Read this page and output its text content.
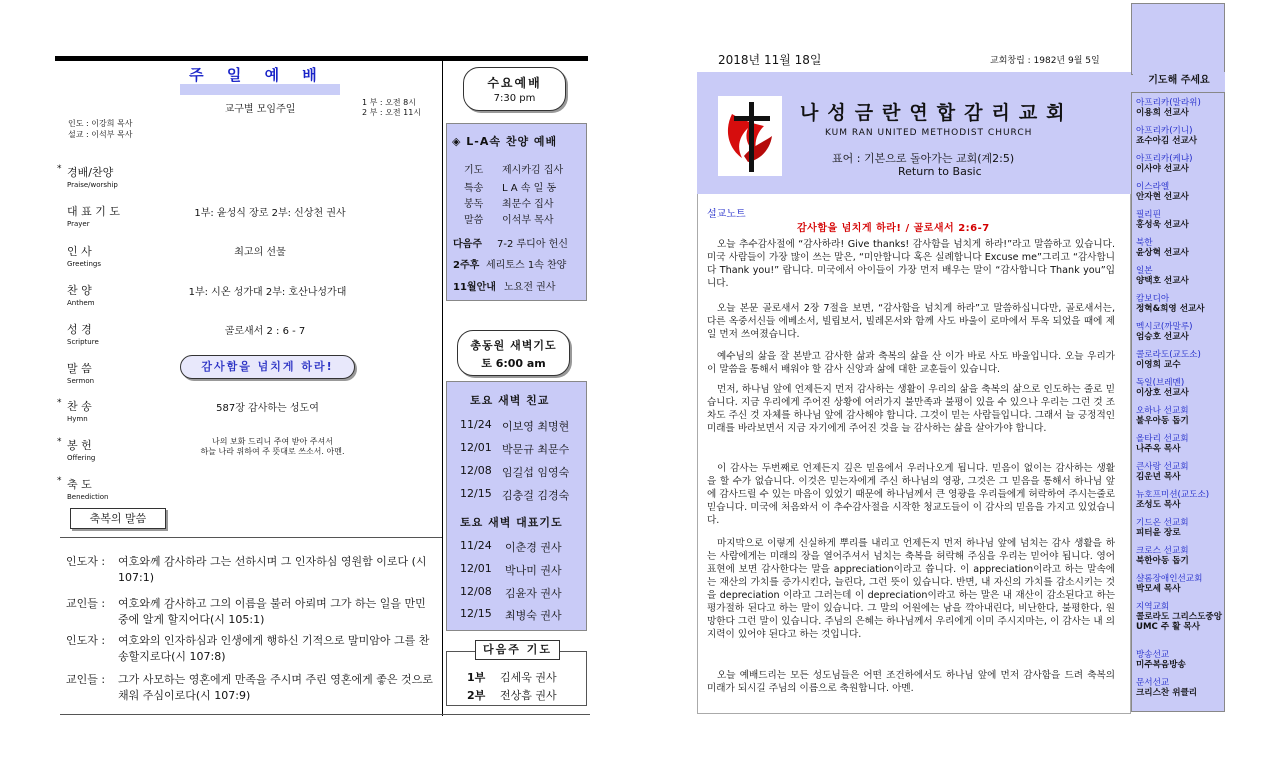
주 일 예 배
교구별 모임주일
1 부 : 오전 8시
2 부 : 오전 11시
인도 : 이강희 목사
설교 : 이석부 목사
* 경배/찬양
Praise/worship
대 표 기 도
Prayer
1부: 윤성식 장로 2부: 신상천 권사
인 사
Greetings
최고의 선물
찬 양
Anthem
1부: 시온 성가대 2부: 호산나성가대
성 경
Scripture
골로새서 2 : 6 - 7
말 씀
Sermon
감사함을 넘치게 하라!
* 찬 송
Hymn
587장 감사하는 성도여
* 봉 헌
Offering
나의 보화 드리니 주여 받아 주셔서
하늘 나라 위하여 주 뜻대로 쓰소서. 아멘.
* 축 도
Benediction
축복의 말씀
인도자 : 여호와께 감사하라 그는 선하시며 그 인자하심 영원함 이로다 (시 107:1)
교인들 : 여호와께 감사하고 그의 이름을 불러 아뢰며 그가 하는 일을 만민 중에 알게 할지어다(시 105:1)
인도자 : 여호와의 인자하심과 인생에게 행하신 기적으로 말미암아 그를 찬송할지로다(시 107:8)
교인들 : 그가 사모하는 영혼에게 만족을 주시며 주린 영혼에게 좋은 것으로 채워 주심이로다(시 107:9)
수요예배
7:30 pm
◈ L-A속 찬양 예배
기도 제시카김 집사
특송 L A 속 일 동
봉독 최문수 집사
말씀 이석부 목사
다음주 7-2 루디아 헌신
2주후 세리토스 1속 찬양
11월안내 노요전 권사
총동원 새벽기도
토 6:00 am
토요 새벽 친교
11/24 이보영 최명현
12/01 박문규 최문수
12/08 임길섭 임영숙
12/15 김충걸 김경숙
토요 새벽 대표기도
11/24 이춘경 권사
12/01 박나미 권사
12/08 김윤자 권사
12/15 최병숙 권사
다음주 기도
1부 김세욱 권사
2부 전상흠 권사
2018년 11월 18일	교회창립 : 1982년 9월 5일
나성금란연합감리교회
KUM RAN UNITED METHODIST CHURCH
표어 : 기본으로 돌아가는 교회(계2:5)
Return to Basic
설교노트
감사함을 넘치게 하라! / 골로새서 2:6-7
오늘 추수감사절에 “감사하라! Give thanks! 감사함을 넘치게 하라!”라고 말씀하고 있습니다. 미국 사람들이 가장 많이 쓰는 말은, “미안합니다 혹은 실례합니다 Excuse me”그리고 “감사합니다 Thank you!” 랍니다. 미국에서 아이들이 가장 먼저 배우는 말이 “감사합니다 Thank you”입니다.
오늘 본문 골로새서 2장 7절을 보면, “감사함을 넘치게 하라”고 말씀하십니다만, 골로새서는, 다른 옥중서신들 에베소서, 빌립보서, 빌레몬서와 함께 사도 바울이 로마에서 투옥 되었을 때에 제일 먼저 쓰여졌습니다.
예수님의 삶을 잘 본받고 감사한 삶과 축복의 삶을 산 이가 바로 사도 바울입니다. 오늘 우리가 이 말씀을 통해서 배워야 할 감사 신앙과 삶에 대한 교훈들이 있습니다.
먼저, 하나님 앞에 언제든지 먼저 감사하는 생활이 우리의 삶을 축복의 삶으로 인도하는 줄로 믿습니다. 지금 우리에게 주어진 상황에 여러가지 불만족과 불평이 있을 수 있으나 우리는 그런 것 조차도 주신 것 자체를 하나님 앞에 감사해야 합니다. 그것이 믿는 사람들입니다. 그래서 늘 긍정적인 미래를 바라보면서 지금 자기에게 주어진 것을 늘 감사하는 삶을 살아가야 합니다.
이 감사는 두번째로 언제든지 깊은 믿음에서 우러나오게 됩니다. 믿음이 없이는 감사하는 생활을 할 수가 없습니다. 이것은 믿는자에게 주신 하나님의 영광, 그것은 그 믿음을 통해서 하나님 앞에 감사드릴 수 있는 마음이 있었기 때문에 하나님께서 큰 영광을 우리들에게 허락하여 주시는줄로 믿습니다. 미국에 처음와서 이 추수감사절을 시작한 청교도들이 이 감사의 믿음을 가지고 있었습니다.
마지막으로 이렇게 신실하게 뿌리를 내리고 언제든지 먼저 하나님 앞에 넘치는 감사 생활을 하는 사람에게는 미래의 장을 열어주셔서 넘치는 축복을 허락해 주심을 우리는 믿어야 됩니다. 영어 표현에 보면 감사한다는 말을 appreciation이라고 씁니다. 이 appreciation이라고 하는 말속에는 재산의 가치를 증가시킨다, 늘린다, 그런 뜻이 있습니다. 반면, 내 자신의 가치를 감소시키는 것을 depreciation 이라고 그러는데 이 depreciation이라고 하는 말은 내 재산이 감소된다고 하는 평가절하 된다고 하는 말이 있습니다. 그 말의 어원에는 남을 깍아내린다, 비난한다, 불평한다, 원망한다 그런 말이 있습니다. 주님의 은혜는 하나님께서 우리에게 이미 주시지마는, 이 감사는 내 의지력이 있어야 된다고 하는 것입니다.
오늘 예배드리는 모든 성도님들은 어떤 조건하에서도 하나님 앞에 먼저 감사함을 드려 축복의 미래가 되시길 주님의 이름으로 축원합니다. 아멘.
기도해 주세요
아프리카(말라위)
이용희 선교사
아프리카(기니)
죠수아김 선교사
아프리카(케냐)
이사야 선교사
이스라엘
안자현 선교사
필리핀
홍성욱 선교사
북한
윤상혁 선교사
일본
양택호 선교사
캄보디아
정혁&희영 선교사
멕시코(까말루)
엄승호 선교사
콜로라도(교도소)
이영희 교수
독일(브레멘)
이상호 선교사
오하나 선교회
불우아동 돕기
올타리 선교회
나주옥 목사
큰사랑 선교회
김운년 목사
뉴호프미션(교도소)
조성도 목사
기드온 선교회
피터윤 장로
크로스 선교회
북한아동 돕기
샬롬장애인선교회
박모세 목사
지역교회
콜로라도 그리스도중앙 UMC 주 활 목사
방송선교
미주복음방송
문서선교
크리스찬 위클리
